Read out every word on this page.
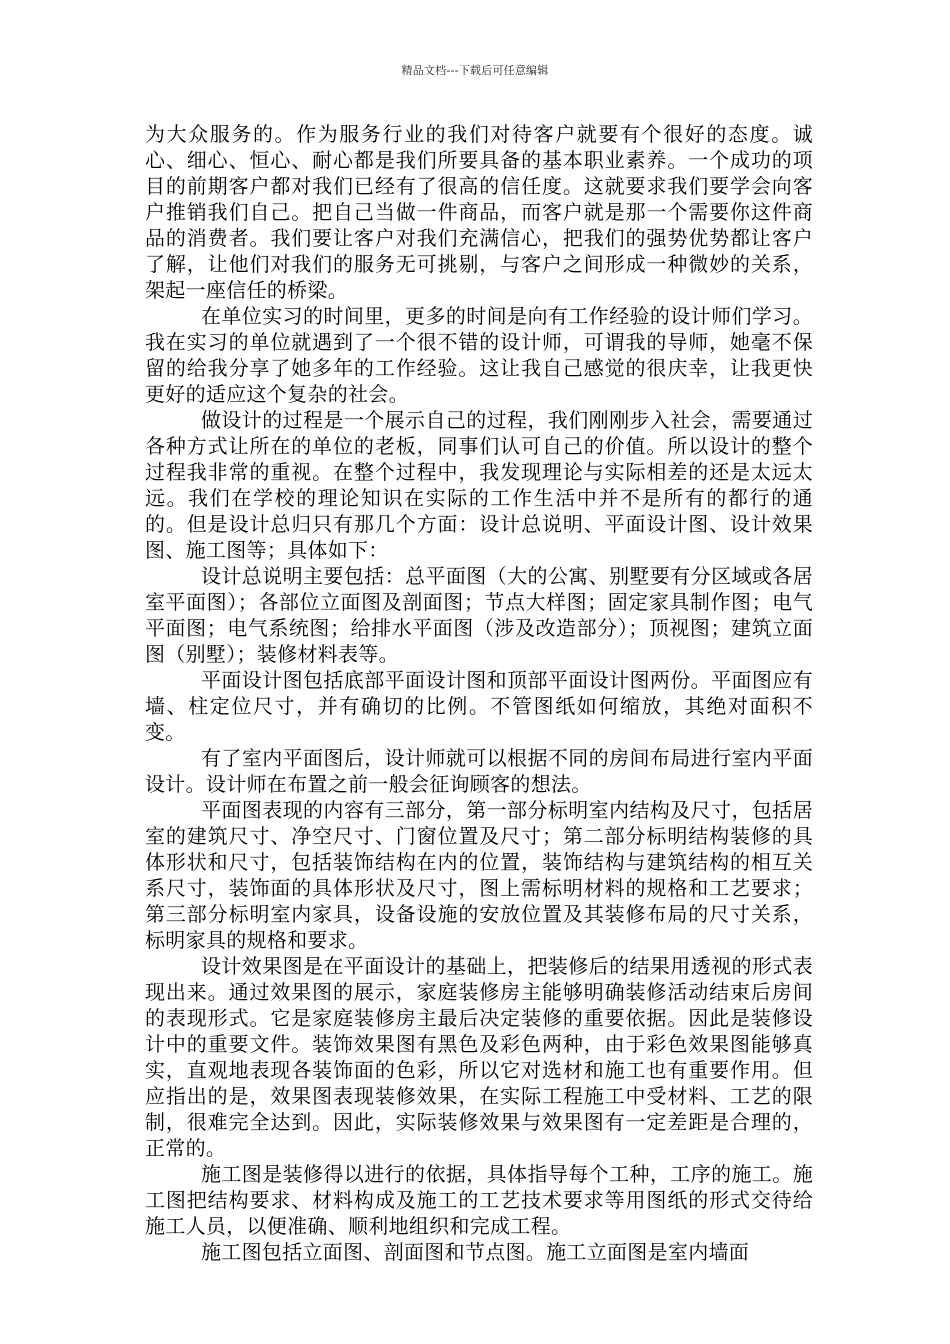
精品文档---下载后可任意编辑

为大众服务的。作为服务行业的我们对待客户就要有个很好的态度。诚心、细心、恒心、耐心都是我们所要具备的基本职业素养。一个成功的项目的前期客户都对我们已经有了很高的信任度。这就要求我们要学会向客户推销我们自己。把自己当做一件商品，而客户就是那一个需要你这件商品的消费者。我们要让客户对我们充满信心，把我们的强势优势都让客户了解，让他们对我们的服务无可挑剔，与客户之间形成一种微妙的关系，架起一座信任的桥梁。

在单位实习的时间里，更多的时间是向有工作经验的设计师们学习。我在实习的单位就遇到了一个很不错的设计师，可谓我的导师，她毫不保留的给我分享了她多年的工作经验。这让我自己感觉的很庆幸，让我更快更好的适应这个复杂的社会。

做设计的过程是一个展示自己的过程，我们刚刚步入社会，需要通过各种方式让所在的单位的老板，同事们认可自己的价值。所以设计的整个过程我非常的重视。在整个过程中，我发现理论与实际相差的还是太远太远。我们在学校的理论知识在实际的工作生活中并不是所有的都行的通的。但是设计总归只有那几个方面：设计总说明、平面设计图、设计效果图、施工图等；具体如下：

设计总说明主要包括：总平面图（大的公寓、别墅要有分区域或各居室平面图）；各部位立面图及剖面图；节点大样图；固定家具制作图；电气平面图；电气系统图；给排水平面图（涉及改造部分）；顶视图；建筑立面图（别墅）；装修材料表等。

平面设计图包括底部平面设计图和顶部平面设计图两份。平面图应有墙、柱定位尺寸，并有确切的比例。不管图纸如何缩放，其绝对面积不变。

有了室内平面图后，设计师就可以根据不同的房间布局进行室内平面设计。设计师在布置之前一般会征询顾客的想法。

平面图表现的内容有三部分，第一部分标明室内结构及尺寸，包括居室的建筑尺寸、净空尺寸、门窗位置及尺寸；第二部分标明结构装修的具体形状和尺寸，包括装饰结构在内的位置，装饰结构与建筑结构的相互关系尺寸，装饰面的具体形状及尺寸，图上需标明材料的规格和工艺要求；第三部分标明室内家具，设备设施的安放位置及其装修布局的尺寸关系，标明家具的规格和要求。

设计效果图是在平面设计的基础上，把装修后的结果用透视的形式表现出来。通过效果图的展示，家庭装修房主能够明确装修活动结束后房间的表现形式。它是家庭装修房主最后决定装修的重要依据。因此是装修设计中的重要文件。装饰效果图有黑色及彩色两种，由于彩色效果图能够真实，直观地表现各装饰面的色彩，所以它对选材和施工也有重要作用。但应指出的是，效果图表现装修效果，在实际工程施工中受材料、工艺的限制，很难完全达到。因此，实际装修效果与效果图有一定差距是合理的，正常的。

施工图是装修得以进行的依据，具体指导每个工种，工序的施工。施工图把结构要求、材料构成及施工的工艺技术要求等用图纸的形式交待给施工人员，以便准确、顺利地组织和完成工程。

施工图包括立面图、剖面图和节点图。施工立面图是室内墙面
